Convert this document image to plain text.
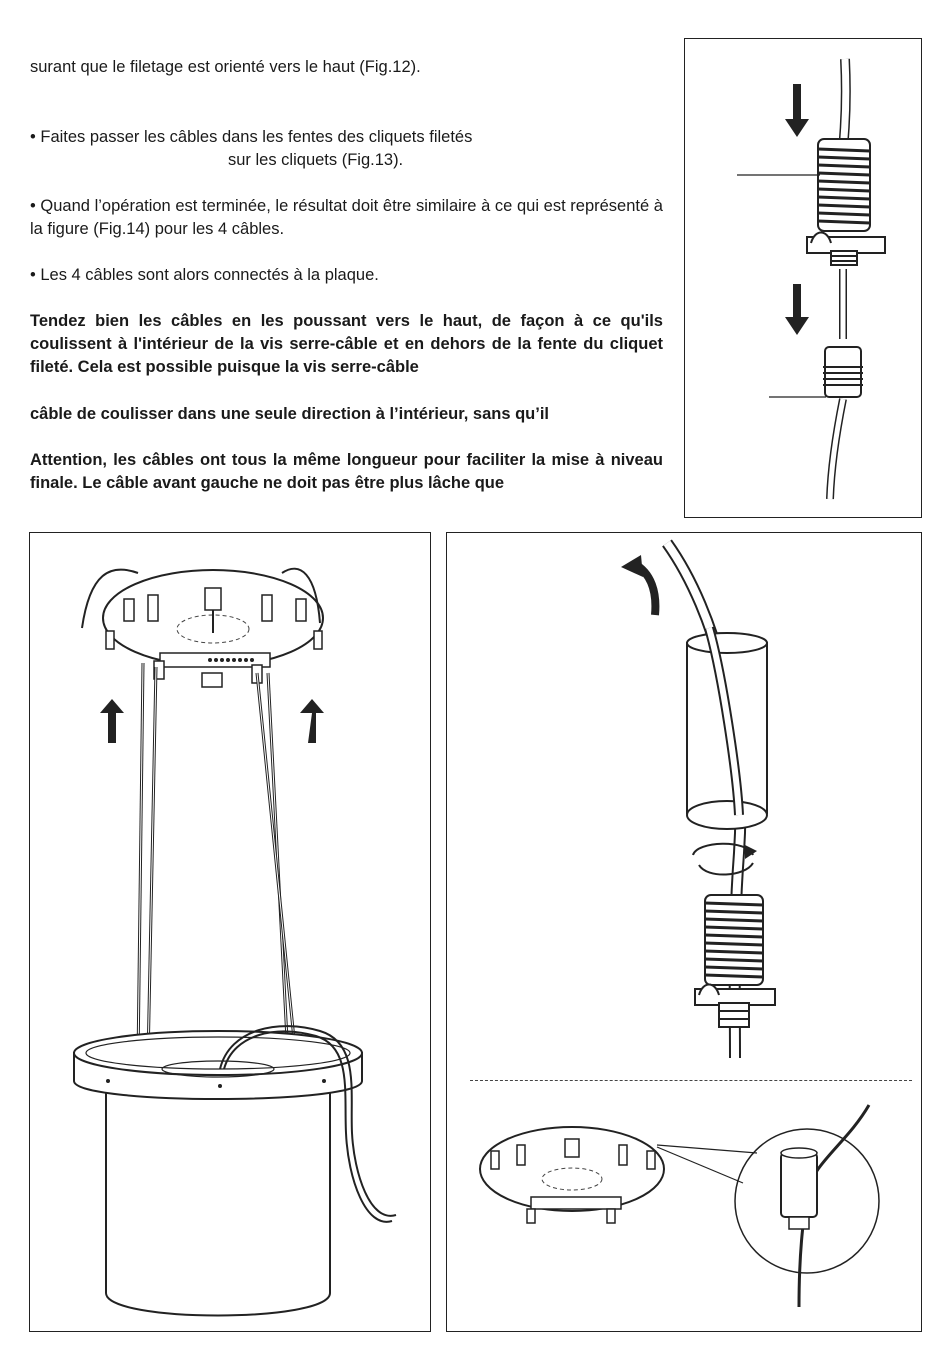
surant que le filetage est orienté vers le haut (Fig.12).

• Faites passer les câbles dans les fentes des cliquets filetés

sur les cliquets (Fig.13).

• Quand l’opération est terminée, le résultat doit être similaire à ce qui est représenté à la figure (Fig.14) pour les 4 câbles.

• Les 4 câbles sont alors connectés à la plaque.

Tendez bien les câbles en les poussant vers le haut, de façon à ce qu'ils coulissent à l'intérieur de la vis serre-câble et en dehors de la fente du cliquet fileté. Cela est possible puisque la vis serre-câble

câble de coulisser dans une seule direction à l’intérieur, sans qu’il

Attention, les câbles ont tous la même longueur pour faciliter la mise à niveau finale. Le câble avant gauche ne doit pas être plus lâche que
